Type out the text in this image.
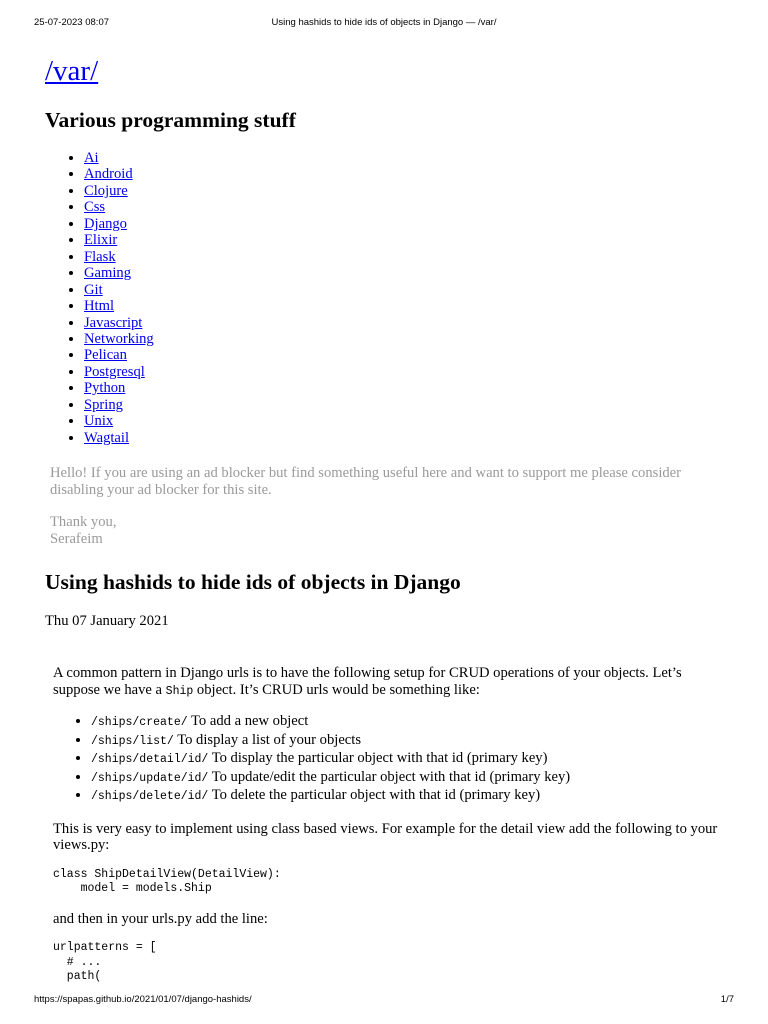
25-07-2023 08:07	Using hashids to hide ids of objects in Django — /var/
/var/
Various programming stuff
• Ai
• Android
• Clojure
• Css
• Django
• Elixir
• Flask
• Gaming
• Git
• Html
• Javascript
• Networking
• Pelican
• Postgresql
• Python
• Spring
• Unix
• Wagtail

Hello! If you are using an ad blocker but find something useful here and want to support me please consider disabling your ad blocker for this site.

Thank you,

Serafeim

Using hashids to hide ids of objects in Django
Thu 07 January 2021

A common pattern in Django urls is to have the following setup for CRUD operations of your objects. Let’s suppose we have a Ship object. It’s CRUD urls would be something like:

• /ships/create/ To add a new object
• /ships/list/ To display a list of your objects
• /ships/detail/id/ To display the particular object with that id (primary key)
• /ships/update/id/ To update/edit the particular object with that id (primary key)
• /ships/delete/id/ To delete the particular object with that id (primary key)

This is very easy to implement using class based views. For example for the detail view add the following to your views.py:

class ShipDetailView(DetailView):
model = models.Ship

and then in your urls.py add the line:

urlpatterns = [
# ...
path(
https://spapas.github.io/2021/01/07/django-hashids/	1/7
